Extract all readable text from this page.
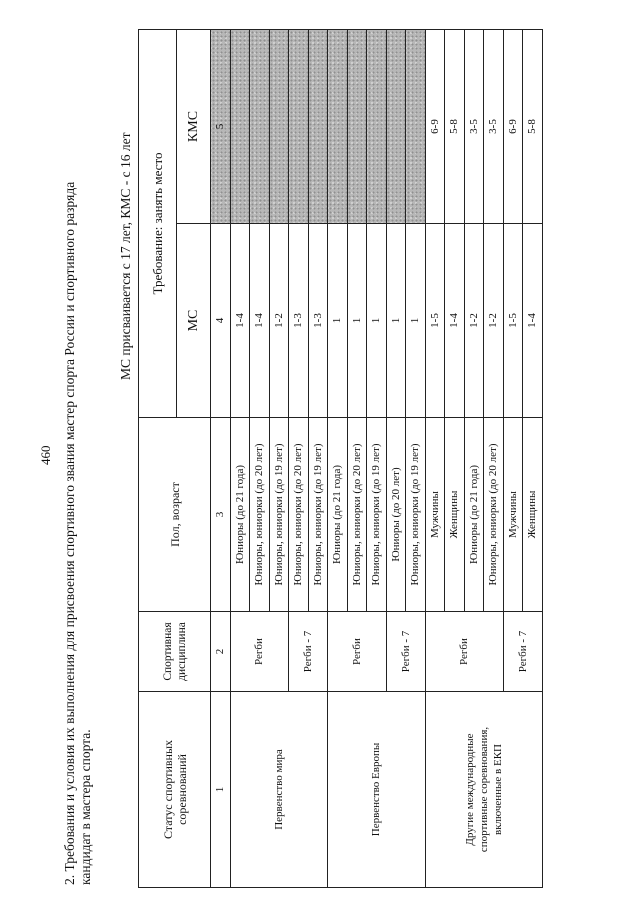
460 2. Требования и условия их выполнения для присвоения спортивного звания мастер спорта России и спортивного разряда кандидат в мастера спорта.
МС присваивается с 17 лет, КМС - с 16 лет
Статус спортивных соревнований	Спортивная дисциплина	Пол, возраст	Требование: занять место	
			МС	КМС
1	2	3	4	5
Первенство мира	Регби	Юниоры (до 21 года)	1-4	
		Юниоры, юниорки (до 20 лет)	1-4	
		Юниоры, юниорки (до 19 лет)	1-2	
	Регби - 7	Юниоры, юниорки (до 20 лет)	1-3	
		Юниоры, юниорки (до 19 лет)	1-3	
Первенство Европы	Регби	Юниоры (до 21 года)	1	
		Юниоры, юниорки (до 20 лет)	1	
		Юниоры, юниорки (до 19 лет)	1	
	Регби - 7	Юниоры (до 20 лет)	1	
		Юниоры, юниорки (до 19 лет)	1	
Другие международные спортивные соревнования, включенные в ЕКП	Регби	Мужчины	1-5	6-9
		Женщины	1-4	5-8
		Юниоры (до 21 года)	1-2	3-5
		Юниоры, юниорки (до 20 лет)	1-2	3-5
	Регби - 7	Мужчины	1-5	6-9
		Женщины	1-4	5-8
